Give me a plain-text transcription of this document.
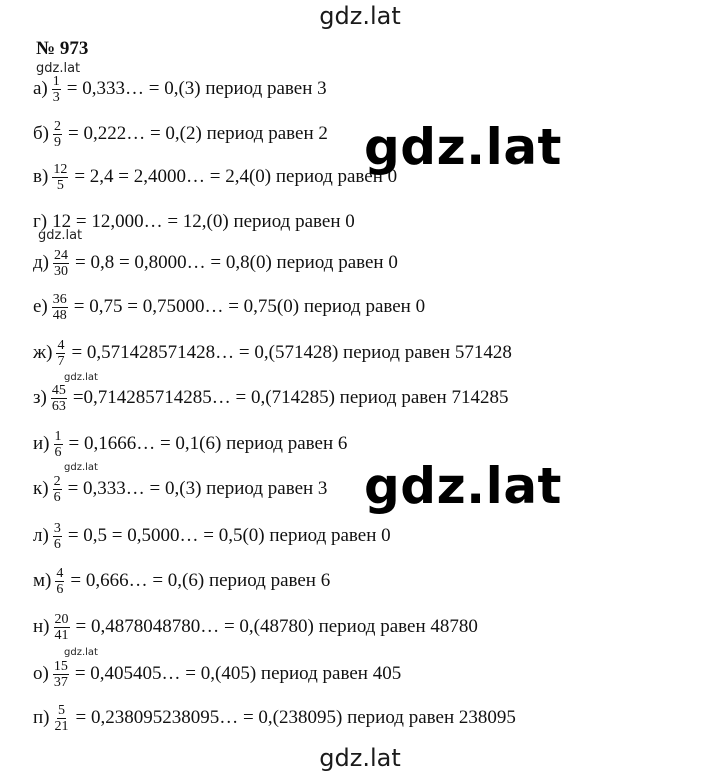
gdz.lat
№ 973
gdz.lat
gdz.lat
gdz.lat
gdz.lat
gdz.lat
$а) \frac{1}{3}$ = 0,333… = 0,(3) период равен 3
$б) \frac{2}{9}$ = 0,222… = 0,(2) период равен 2
$в) \frac{12}{5} = 2,4$ = 2,4000… = 2,4(0) период равен 0
г) 12 = 12,000… = 12,(0) период равен 0
$д) \frac{24}{30} = 0,8$ = 0,8000… = 0,8(0) период равен 0
$е) \frac{36}{48} = 0,75$ = 0,75000… = 0,75(0) период равен 0
$ж) \frac{4}{7}$ = 0,571428571428… = 0,(571428) период равен 571428
$з) \frac{45}{63}$ =0,714285714285… = 0,(714285) период равен 714285
$и) \frac{1}{6}$ = 0,1666… = 0,1(6) период равен 6
$к) \frac{2}{6}$ = 0,333… = 0,(3) период равен 3
$л) \frac{3}{6} = 0,5$ = 0,5000… = 0,5(0) период равен 0
$м) \frac{4}{6}$ = 0,666… = 0,(6) период равен 6
$н) \frac{20}{41}$ = 0,4878048780… = 0,(48780) период равен 48780
$о) \frac{15}{37}$ = 0,405405… = 0,(405) период равен 405
$п) \frac{5}{21}$ = 0,238095238095… = 0,(238095) период равен 238095
gdz.lat
gdz.lat
gdz.lat
